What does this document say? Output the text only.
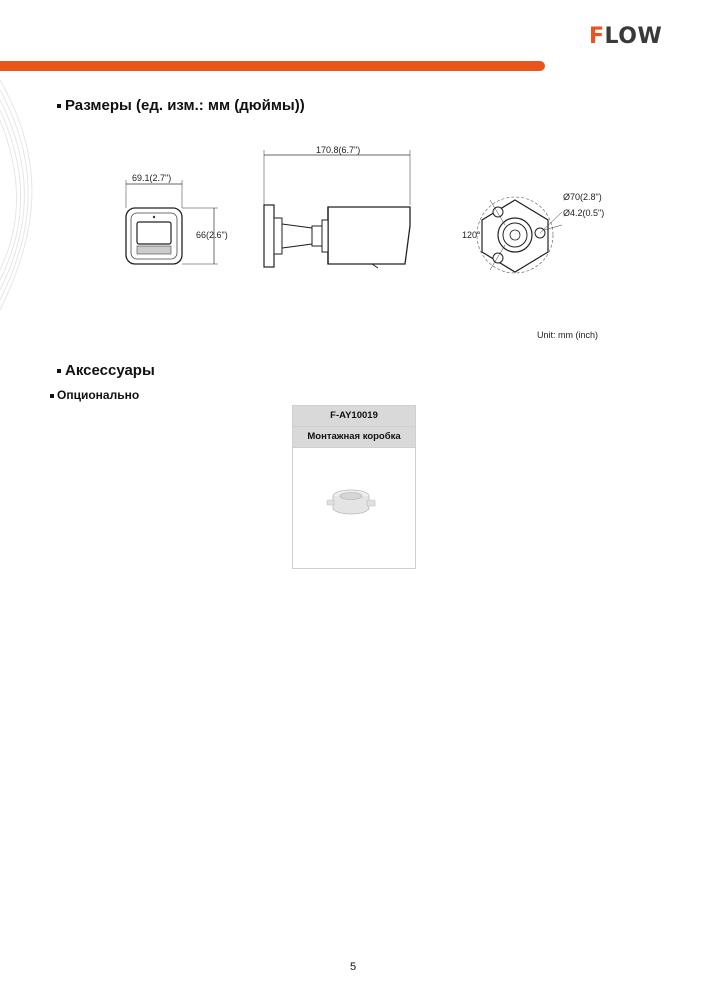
FLOW
Размеры (ед. изм.: мм (дюймы))
69.1(2.7")
66(2.6")
170.8(6.7")
Ø70(2.8")
Ø4.2(0.5")
120°
Unit: mm (inch)
Аксессуары
Опционально
F-AY10019
Монтажная коробка
5
